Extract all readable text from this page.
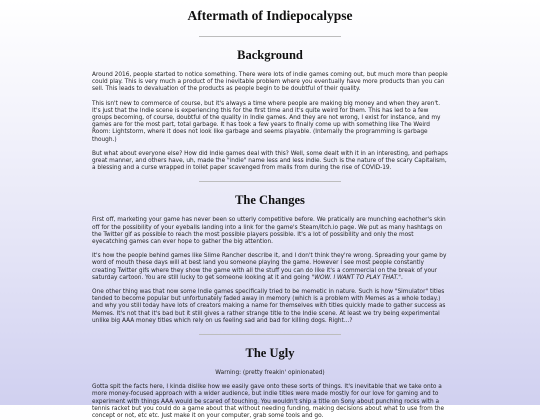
Aftermath of Indiepocalypse
Background

Around 2016, people started to notice something. There were lots of indie games coming out, but much more than people could play. This is very much a product of the inevitable problem where you eventually have more products than you can sell. This leads to devaluation of the products as people begin to be doubtful of their quality.

This isn't new to commerce of course, but it's always a time where people are making big money and when they aren't. It's just that the Indie scene is experiencing this for the first time and it's quite weird for them. This has led to a few groups becoming, of course, doubtful of the quality in Indie games. And they are not wrong, I exist for instance, and my games are for the most part, total garbage. It has took a few years to finally come up with something like The Weird Room: Lightstorm, where it does not look like garbage and seems playable. (Internally the programming is garbage though.)

But what about everyone else? How did Indie games deal with this? Well, some dealt with it in an interesting, and perhaps great manner, and others have, uh, made the "indie" name less and less indie. Such is the nature of the scary Capitalism, a blessing and a curse wrapped in toilet paper scavenged from malls from during the rise of COVID-19.

The Changes

First off, marketing your game has never been so utterly competitive before. We pratically are munching eachother's skin off for the possibility of your eyeballs landing into a link for the game's Steam/Itch.io page. We put as many hashtags on the Twitter gif as possible to reach the most possible players possible. It's a lot of possibility and only the most eyecatching games can ever hope to gather the big attention.

It's how the people behind games like Slime Rancher describe it, and I don't think they're wrong. Spreading your game by word of mouth these days will at best land you someone playing the game. However I see most people constantly creating Twitter gifs where they show the game with all the stuff you can do like it's a commercial on the break of your saturday cartoon. You are still lucky to get someone looking at it and going "WOW. I WANT TO PLAY THAT.".

One other thing was that now some Indie games specifically tried to be memetic in nature. Such is how "Simulator" titles tended to become popular but unfortunately faded away in memory (which is a problem with Memes as a whole today.) and why you still today have lots of creators making a name for themselves with titles quickly made to gather success as Memes. It's not that it's bad but it still gives a rather strange title to the Indie scene. At least we try being experimental unlike big AAA money titles which rely on us feeling sad and bad for killing dogs. Right...?

The Ugly

Warning: (pretty freakin' opinionated)

Gotta spit the facts here, I kinda dislike how we easily gave onto these sorts of things. It's inevitable that we take onto a more money-focused approach with a wider audience, but indie titles were made mostly for our love for gaming and to experiment with things AAA would be scared of touching. You wouldn't ship a title on Sony about punching rocks with a tennis racket but you could do a game about that without needing funding, making decisions about what to use from the concept or not, etc etc. Just make it on your computer, grab some tools and go.
